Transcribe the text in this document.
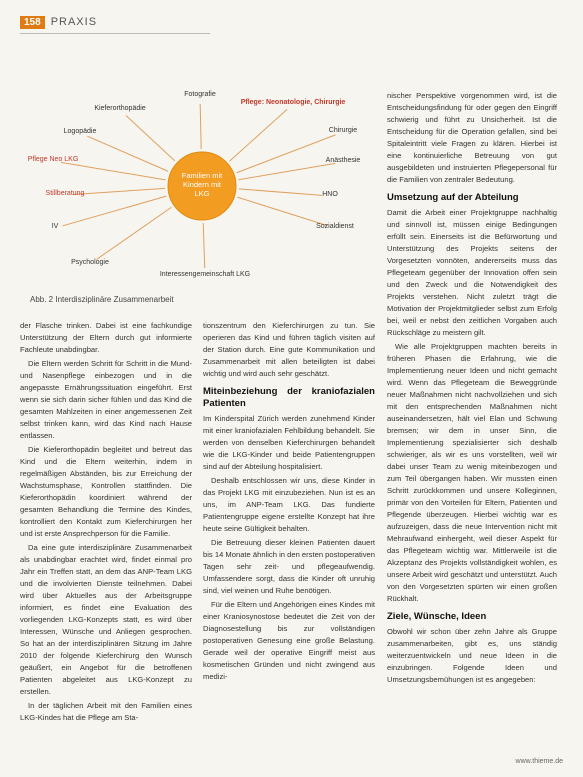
158 PRAXIS
Fotografie
Kieferorthopädie
Pflege: Neonatologie, Chirurgie
Logopädie	Chirurgie
Pflege Neo LKG	Anästhesie
Stillberatung	HNO
IV	Sozialdienst
Psychologie
Interessengemeinschaft LKG
Familien mit
Kindern mit
LKG
Abb. 2 Interdisziplinäre Zusammenarbeit

der Flasche trinken. Dabei ist eine fachkundige Unterstützung der Eltern durch gut informierte Fachleute unabdingbar.

Die Eltern werden Schritt für Schritt in die Mund- und Nasenpflege einbezogen und in die angepasste Ernährungssituation eingeführt. Erst wenn sie sich darin sicher fühlen und das Kind die gesamten Mahlzeiten in einer angemessenen Zeit selbst trinken kann, wird das Kind nach Hause entlassen.

Die Kieferorthopädin begleitet und betreut das Kind und die Eltern weiterhin, indem in regelmäßigen Abständen, bis zur Erreichung der Wachstumsphase, Kontrollen stattfinden. Die Kieferorthopädin koordiniert während der gesamten Behandlung die Termine des Kindes, kontrolliert den Kontakt zum Kieferchirurgen her und ist erste Ansprechperson für die Familie.

Da eine gute interdisziplinäre Zusammenarbeit als unabdingbar erachtet wird, findet einmal pro Jahr ein Treffen statt, an dem das ANP-Team LKG und die involvierten Dienste teilnehmen. Dabei wird über Aktuelles aus der Arbeitsgruppe informiert, es findet eine Evaluation des vorliegenden LKG-Konzepts statt, es wird über Interessen, Wünsche und Anliegen gesprochen. So hat an der interdisziplinären Sitzung im Jahre 2010 der folgende Kieferchirurg den Wunsch geäußert, ein Angebot für die betroffenen Patienten abgeleitet aus LKG-Konzept zu erstellen.

In der täglichen Arbeit mit den Familien eines LKG-Kindes hat die Pflege am Sta-

tionszentrum den Kieferchirurgen zu tun. Sie operieren das Kind und führen täglich visiten auf der Station durch. Eine gute Kommunikation und Zusammenarbeit mit allen beteiligten ist dabei wichtig und wird auch sehr geschätzt.

Miteinbeziehung der kraniofazialen Patienten

Im Kinderspital Zürich werden zunehmend Kinder mit einer kraniofazialen Fehlbildung behandelt. Sie werden von denselben Kieferchirurgen behandelt wie die LKG-Kinder und beide Patientengruppen sind auf der Abteilung hospitalisiert.

Deshalb entschlossen wir uns, diese Kinder in das Projekt LKG mit einzubeziehen. Nun ist es an uns, im ANP-Team LKG. Das fundierte Patientengruppe eigene erstellte Konzept hat ihre heute seine Gültigkeit behalten.

Die Betreuung dieser kleinen Patienten dauert bis 14 Monate ähnlich in den ersten postoperativen Tagen sehr zeit- und pflegeaufwendig. Umfassendere sorgt, dass die Kinder oft unruhig sind, viel weinen und Ruhe benötigen.

Für die Eltern und Angehörigen eines Kindes mit einer Kraniosynostose bedeutet die Zeit von der Diagnosestellung bis zur vollständigen postoperativen Genesung eine große Belastung. Gerade weil der operative Eingriff meist aus kosmetischen Gründen und nicht zwingend aus medizi-

nischer Perspektive vorgenommen wird, ist die Entscheidungsfindung für oder gegen den Eingriff schwierig und führt zu Unsicherheit. Ist die Entscheidung für die Operation gefallen, sind bei Spitaleintritt viele Fragen zu klären. Hierbei ist eine kontinuierliche Betreuung von gut ausgebildeten und instruierten Pflegepersonal für die Familien von zentraler Bedeutung.

Umsetzung auf der Abteilung

Damit die Arbeit einer Projektgruppe nachhaltig und sinnvoll ist, müssen einige Bedingungen erfüllt sein. Einerseits ist die Befürwortung und Unterstützung des Projekts seitens der Vorgesetzten vonnöten, andererseits muss das Pflegeteam gegenüber der Innovation offen sein und den Zweck und die Notwendigkeit des Projekts verstehen. Nicht zuletzt trägt die Motivation der Projektmitglieder selbst zum Erfolg bei, weil er nebst den zeitlichen Vorgaben auch Rückschläge zu meistern gilt.

Wie alle Projektgruppen machten bereits in früheren Phasen die Erfahrung, wie die Implementierung neuer Ideen und nicht gemacht wird. Wenn das Pflegeteam die Beweggründe neuer Maßnahmen nicht nachvollziehen und sich mit den entsprechenden Maßnahmen nicht auseinandersetzen, hält viel Elan und Schwung bremsen; wir dem in unser Sinn, die Implementierung spezialisierter sich deshalb schwieriger, als wir es uns vorstellten, weil wir dabei unser Team zu wenig miteinbezogen und zum Teil übergangen haben. Wir mussten einen Schritt zurückkommen und unsere Kolleginnen, primär von den Vorteilen für Eltern, Patienten und Pflegende überzeugen. Hierbei wichtig war es aufzuzeigen, dass die neue Intervention nicht mit Mehraufwand einhergeht, weil dieser Aspekt für das Pflegeteam wichtig war. Mittlerweile ist die Akzeptanz des Projekts vollständigkeit wohlen, es unsere Arbeit wird geschätzt und unterstützt. Auch von den Vorgesetzten spürten wir einen großen Rückhalt.

Ziele, Wünsche, Ideen

Obwohl wir schon über zehn Jahre als Gruppe zusammenarbeiten, gibt es, uns ständig weiterzuentwickeln und neue Ideen in die einzubringen. Folgende Ideen und Umsetzungsbemühungen ist es angegeben:

www.thieme.de
